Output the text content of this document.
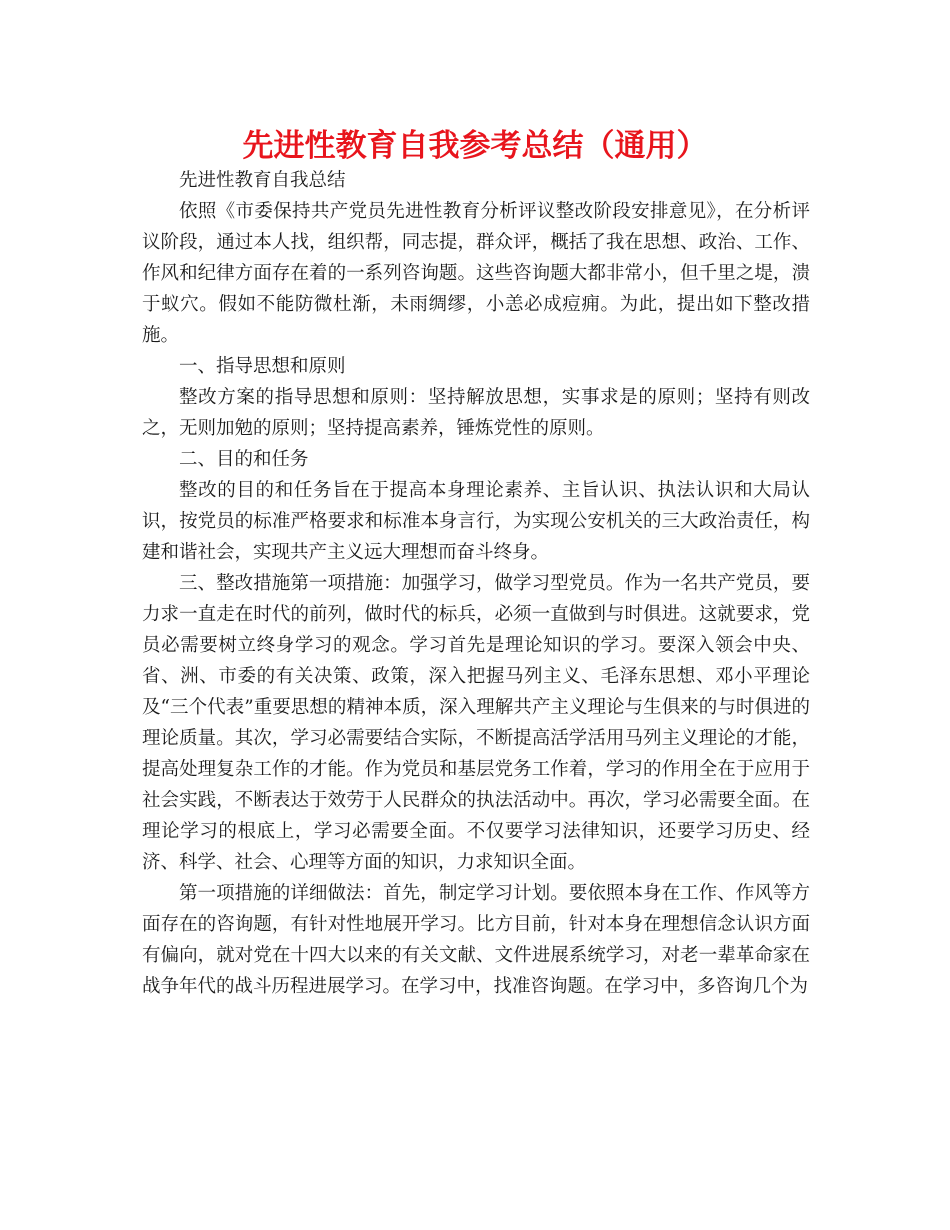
先进性教育自我参考总结（通用）

先进性教育自我总结

依照《市委保持共产党员先进性教育分析评议整改阶段安排意见》，在分析评议阶段，通过本人找，组织帮，同志提，群众评，概括了我在思想、政治、工作、作风和纪律方面存在着的一系列咨询题。这些咨询题大都非常小，但千里之堤，溃于蚁穴。假如不能防微杜渐，未雨绸缪，小恙必成痘痈。为此，提出如下整改措施。

一、指导思想和原则

整改方案的指导思想和原则：坚持解放思想，实事求是的原则；坚持有则改之，无则加勉的原则；坚持提高素养，锤炼党性的原则。

二、目的和任务

整改的目的和任务旨在于提高本身理论素养、主旨认识、执法认识和大局认识，按党员的标准严格要求和标准本身言行，为实现公安机关的三大政治责任，构建和谐社会，实现共产主义远大理想而奋斗终身。

三、整改措施第一项措施：加强学习，做学习型党员。作为一名共产党员，要力求一直走在时代的前列，做时代的标兵，必须一直做到与时俱进。这就要求，党员必需要树立终身学习的观念。学习首先是理论知识的学习。要深入领会中央、省、洲、市委的有关决策、政策，深入把握马列主义、毛泽东思想、邓小平理论及“三个代表”重要思想的精神本质，深入理解共产主义理论与生俱来的与时俱进的理论质量。其次，学习必需要结合实际，不断提高活学活用马列主义理论的才能，提高处理复杂工作的才能。作为党员和基层党务工作着，学习的作用全在于应用于社会实践，不断表达于效劳于人民群众的执法活动中。再次，学习必需要全面。在理论学习的根底上，学习必需要全面。不仅要学习法律知识，还要学习历史、经济、科学、社会、心理等方面的知识，力求知识全面。

第一项措施的详细做法：首先，制定学习计划。要依照本身在工作、作风等方面存在的咨询题，有针对性地展开学习。比方目前，针对本身在理想信念认识方面有偏向，就对党在十四大以来的有关文献、文件进展系统学习，对老一辈革命家在战争年代的战斗历程进展学习。在学习中，找准咨询题。在学习中，多咨询几个为
